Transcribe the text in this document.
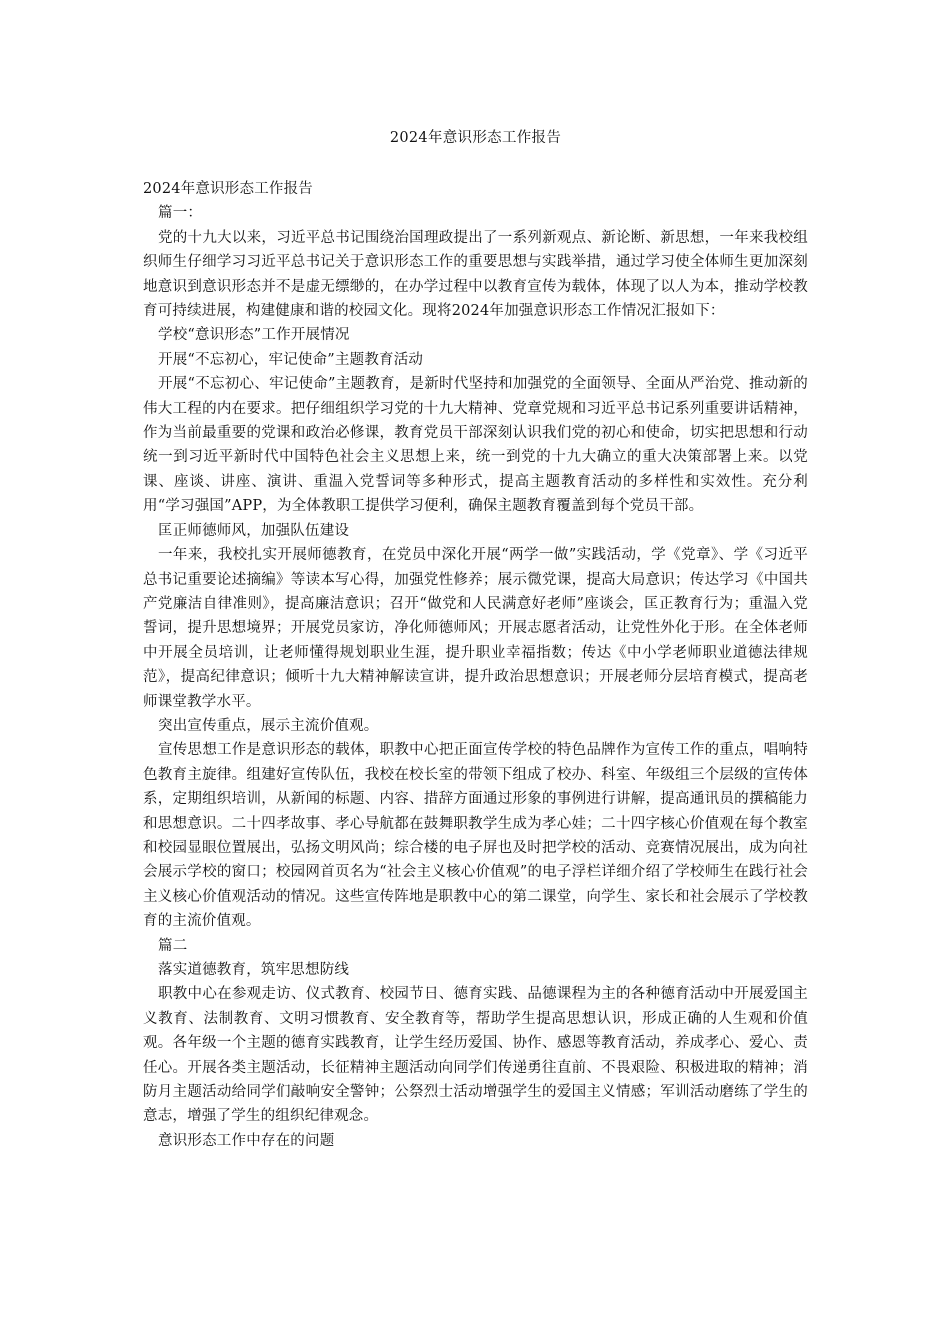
2024年意识形态工作报告
2024年意识形态工作报告
篇一：
党的十九大以来，习近平总书记围绕治国理政提出了一系列新观点、新论断、新思想，一年来我校组织师生仔细学习习近平总书记关于意识形态工作的重要思想与实践举措，通过学习使全体师生更加深刻地意识到意识形态并不是虚无缥缈的，在办学过程中以教育宣传为载体，体现了以人为本，推动学校教育可持续进展，构建健康和谐的校园文化。现将2024年加强意识形态工作情况汇报如下：
学校“意识形态”工作开展情况
开展“不忘初心，牢记使命”主题教育活动
开展“不忘初心、牢记使命”主题教育，是新时代坚持和加强党的全面领导、全面从严治党、推动新的伟大工程的内在要求。把仔细组织学习党的十九大精神、党章党规和习近平总书记系列重要讲话精神，作为当前最重要的党课和政治必修课，教育党员干部深刻认识我们党的初心和使命，切实把思想和行动统一到习近平新时代中国特色社会主义思想上来，统一到党的十九大确立的重大决策部署上来。以党课、座谈、讲座、演讲、重温入党誓词等多种形式，提高主题教育活动的多样性和实效性。充分利用“学习强国”APP，为全体教职工提供学习便利，确保主题教育覆盖到每个党员干部。
匡正师德师风，加强队伍建设
一年来，我校扎实开展师德教育，在党员中深化开展“两学一做”实践活动，学《党章》、学《习近平总书记重要论述摘编》等读本写心得，加强党性修养；展示微党课，提高大局意识；传达学习《中国共产党廉洁自律准则》，提高廉洁意识；召开“做党和人民满意好老师”座谈会，匡正教育行为；重温入党誓词，提升思想境界；开展党员家访，净化师德师风；开展志愿者活动，让党性外化于形。在全体老师中开展全员培训，让老师懂得规划职业生涯，提升职业幸福指数；传达《中小学老师职业道德法律规范》，提高纪律意识；倾听十九大精神解读宣讲，提升政治思想意识；开展老师分层培育模式，提高老师课堂教学水平。
突出宣传重点，展示主流价值观。
宣传思想工作是意识形态的载体，职教中心把正面宣传学校的特色品牌作为宣传工作的重点，唱响特色教育主旋律。组建好宣传队伍，我校在校长室的带领下组成了校办、科室、年级组三个层级的宣传体系，定期组织培训，从新闻的标题、内容、措辞方面通过形象的事例进行讲解，提高通讯员的撰稿能力和思想意识。二十四孝故事、孝心导航都在鼓舞职教学生成为孝心娃；二十四字核心价值观在每个教室和校园显眼位置展出，弘扬文明风尚；综合楼的电子屏也及时把学校的活动、竞赛情况展出，成为向社会展示学校的窗口；校园网首页名为“社会主义核心价值观”的电子浮栏详细介绍了学校师生在践行社会主义核心价值观活动的情况。这些宣传阵地是职教中心的第二课堂，向学生、家长和社会展示了学校教育的主流价值观。
篇二
落实道德教育，筑牢思想防线
职教中心在参观走访、仪式教育、校园节日、德育实践、品德课程为主的各种德育活动中开展爱国主义教育、法制教育、文明习惯教育、安全教育等，帮助学生提高思想认识，形成正确的人生观和价值观。各年级一个主题的德育实践教育，让学生经历爱国、协作、感恩等教育活动，养成孝心、爱心、责任心。开展各类主题活动，长征精神主题活动向同学们传递勇往直前、不畏艰险、积极进取的精神；消防月主题活动给同学们敲响安全警钟；公祭烈士活动增强学生的爱国主义情感；军训活动磨练了学生的意志，增强了学生的组织纪律观念。
意识形态工作中存在的问题
